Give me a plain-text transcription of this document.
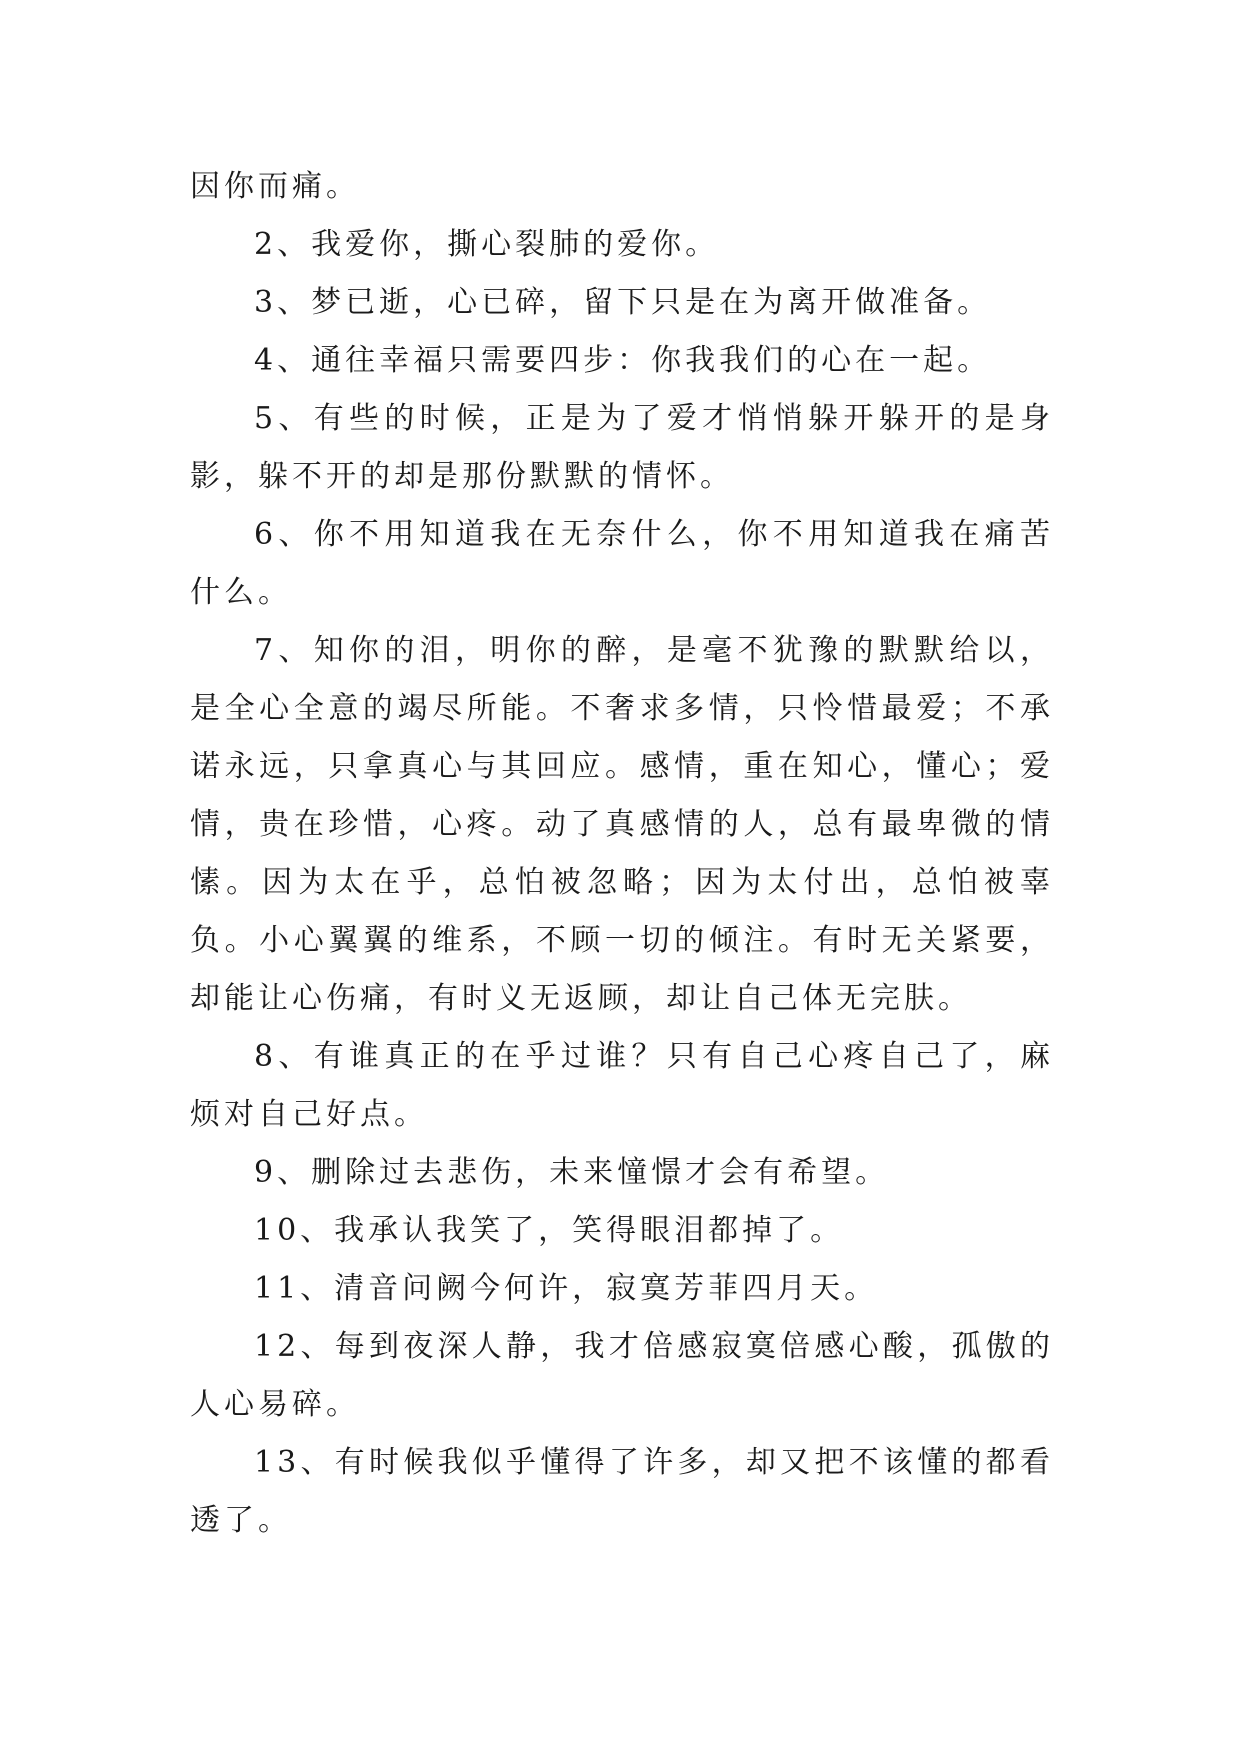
因你而痛。

2、我爱你，撕心裂肺的爱你。

3、梦已逝，心已碎，留下只是在为离开做准备。

4、通往幸福只需要四步：你我我们的心在一起。

5、有些的时候，正是为了爱才悄悄躲开躲开的是身影，躲不开的却是那份默默的情怀。

6、你不用知道我在无奈什么，你不用知道我在痛苦什么。

7、知你的泪，明你的醉，是毫不犹豫的默默给以，是全心全意的竭尽所能。不奢求多情，只怜惜最爱；不承诺永远，只拿真心与其回应。感情，重在知心，懂心；爱情，贵在珍惜，心疼。动了真感情的人，总有最卑微的情愫。因为太在乎，总怕被忽略；因为太付出，总怕被辜负。小心翼翼的维系，不顾一切的倾注。有时无关紧要，却能让心伤痛，有时义无返顾，却让自己体无完肤。

8、有谁真正的在乎过谁？只有自己心疼自己了，麻烦对自己好点。

9、删除过去悲伤，未来憧憬才会有希望。

10、我承认我笑了，笑得眼泪都掉了。

11、清音问阙今何许，寂寞芳菲四月天。

12、每到夜深人静，我才倍感寂寞倍感心酸，孤傲的人心易碎。

13、有时候我似乎懂得了许多，却又把不该懂的都看透了。
